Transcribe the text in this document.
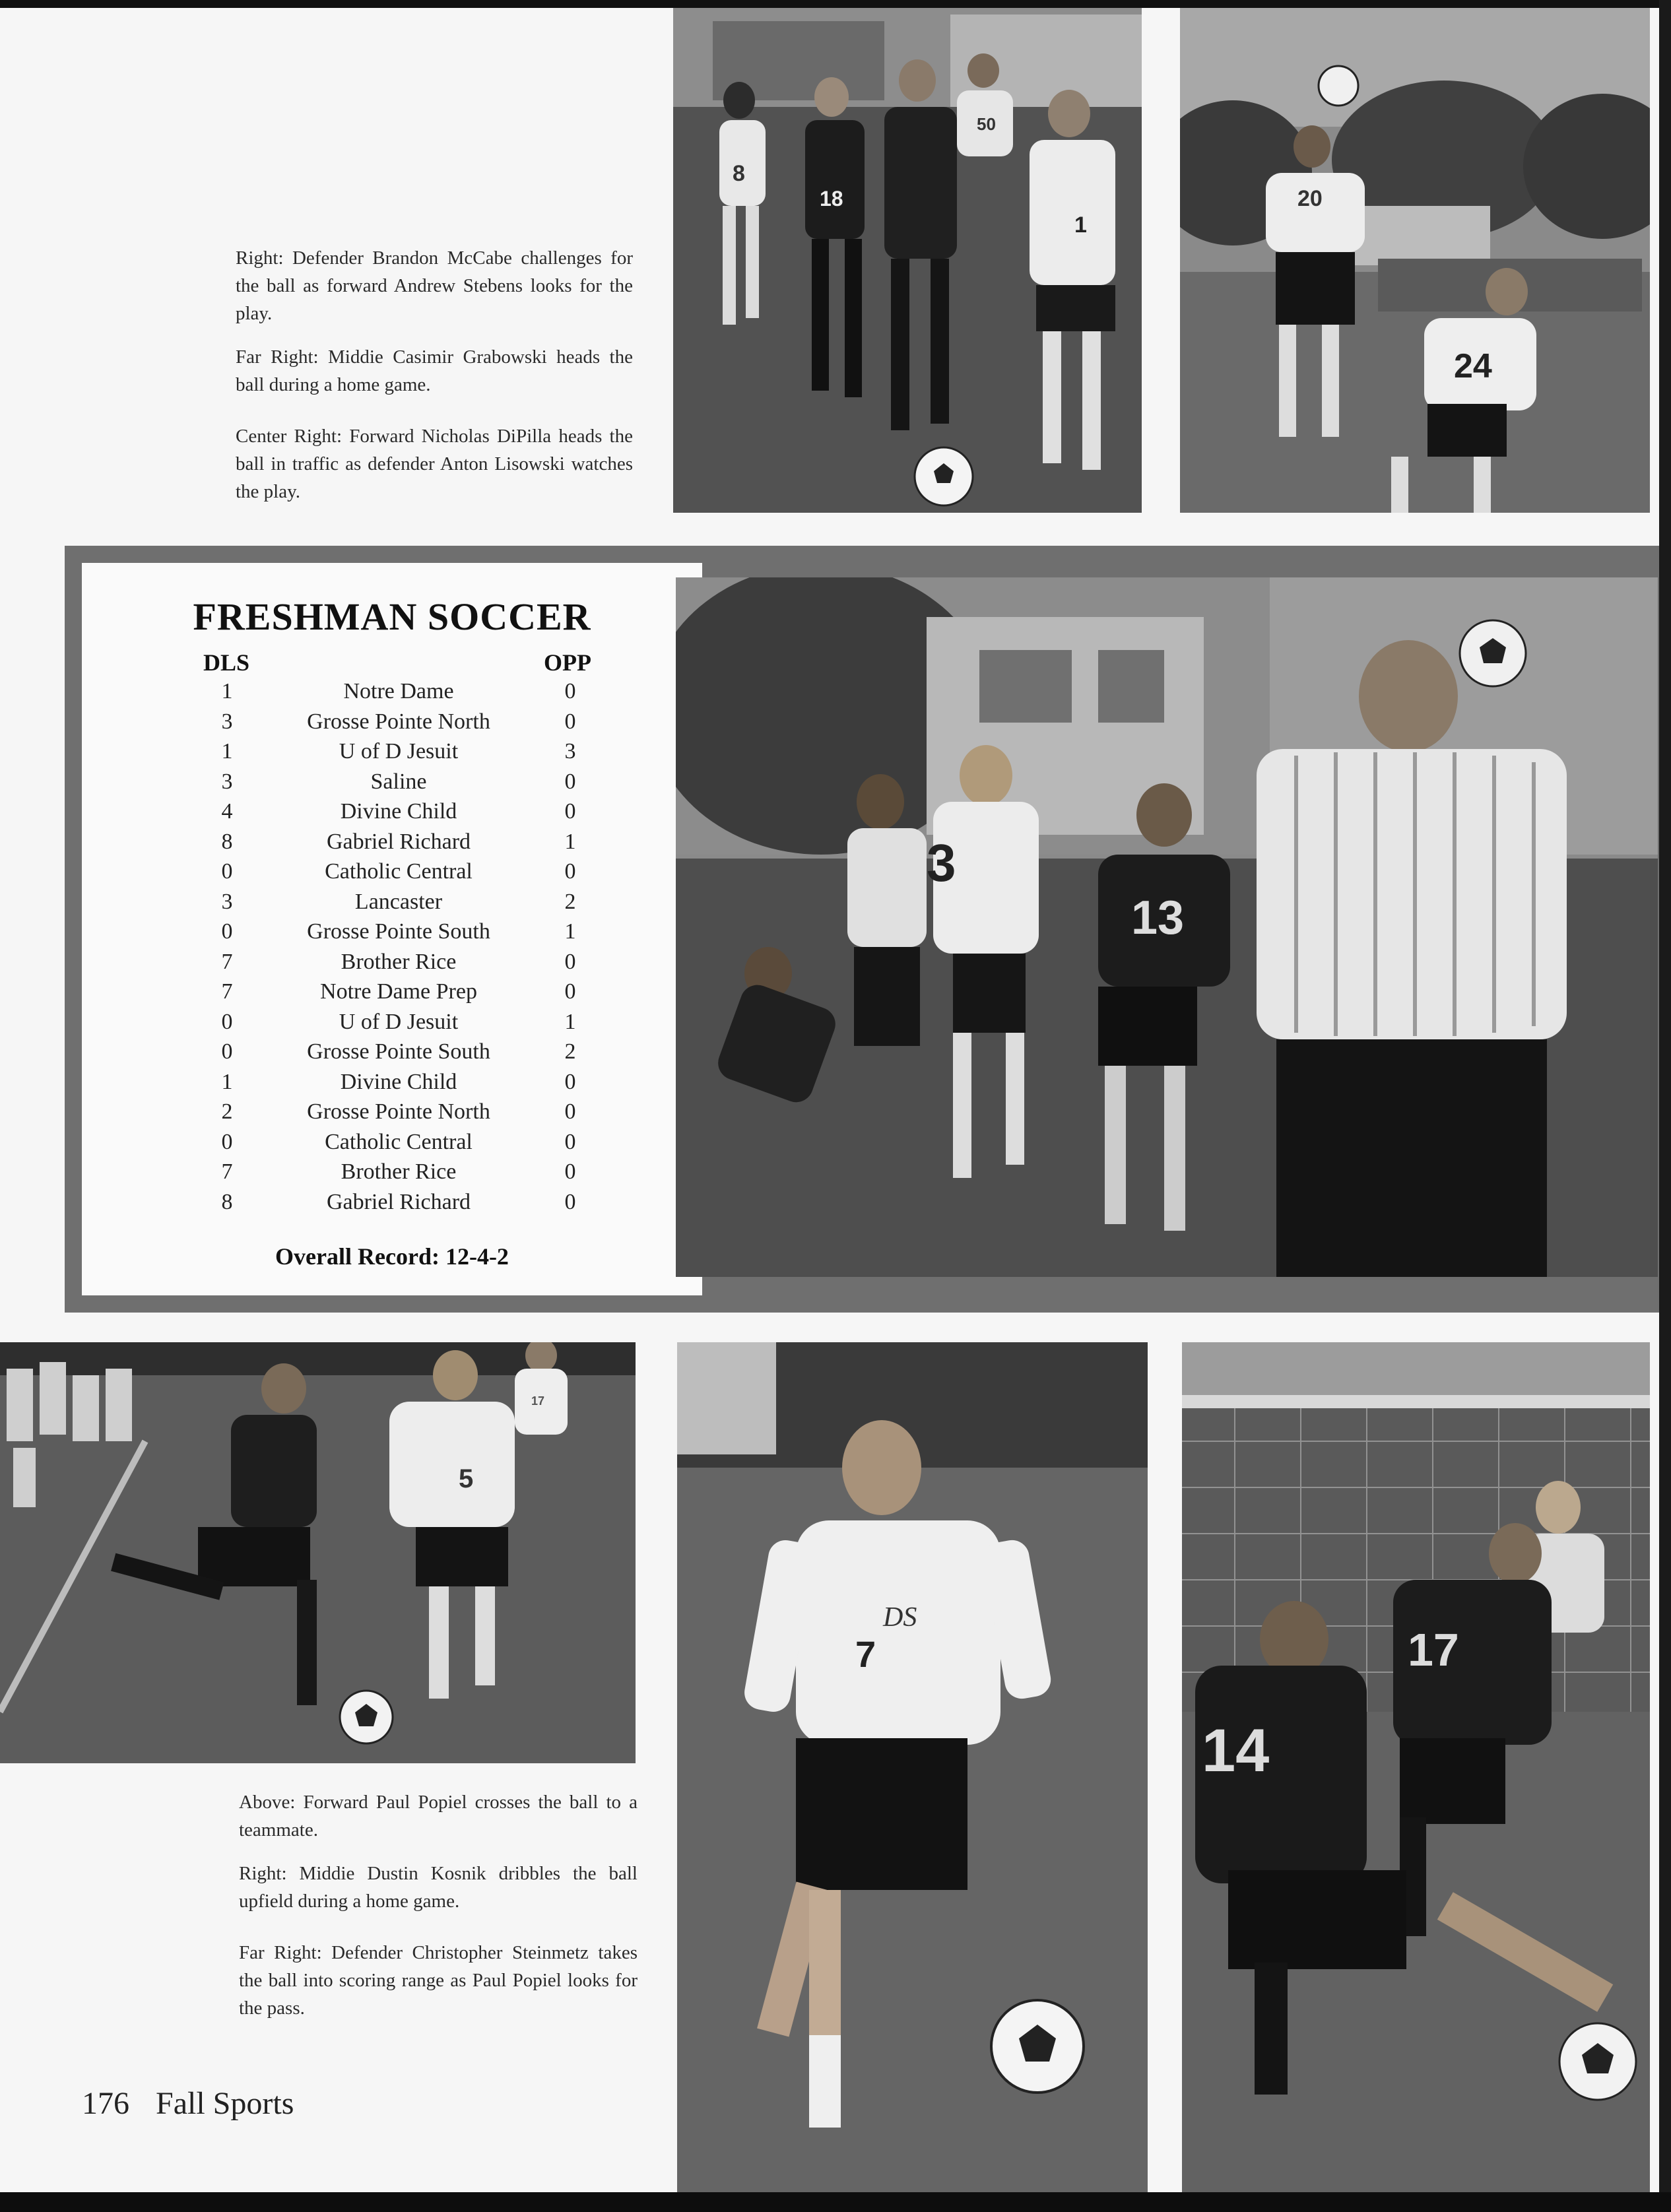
Right: Defender Brandon McCabe challenges for the ball as forward Andrew Stebens looks for the play.

Far Right: Middie Casimir Grabowski heads the ball during a home game.

Center Right: Forward Nicholas DiPilla heads the ball in traffic as defender Anton Lisowski watches the play.

8
18
1
50
20
24
FRESHMAN SOCCER
DLS	OPP
1	Notre Dame	0
3	Grosse Pointe North	0
1	U of D Jesuit	3
3	Saline	0
4	Divine Child	0
8	Gabriel Richard	1
0	Catholic Central	0
3	Lancaster	2
0	Grosse Pointe South	1
7	Brother Rice	0
7	Notre Dame Prep	0
0	U of D Jesuit	1
0	Grosse Pointe South	2
1	Divine Child	0
2	Grosse Pointe North	0
0	Catholic Central	0
7	Brother Rice	0
8	Gabriel Richard	0
Overall Record: 12-4-2
3
13
5
17

Above: Forward Paul Popiel crosses the ball to a teammate.

Right: Middie Dustin Kosnik dribbles the ball upfield during a home game.

Far Right: Defender Christopher Steinmetz takes the ball into scoring range as Paul Popiel looks for the pass.

DS
7
14
17
176 Fall Sports
